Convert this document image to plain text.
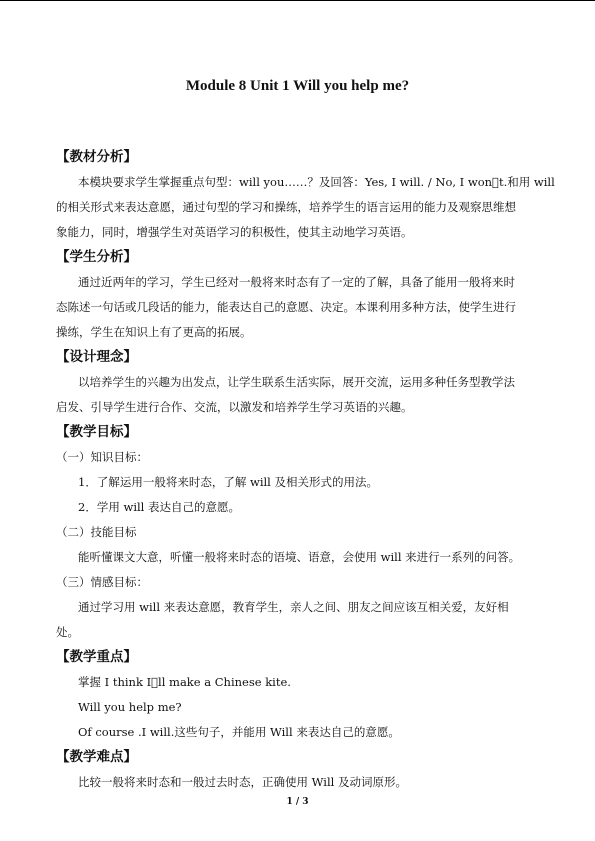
Module 8 Unit 1 Will you help me?
【教材分析】
本模块要求学生掌握重点句型：will you……？及回答：Yes, I will. / No, I won t.和用 will
的相关形式来表达意愿，通过句型的学习和操练，培养学生的语言运用的能力及观察思维想
象能力，同时，增强学生对英语学习的积极性，使其主动地学习英语。
【学生分析】
通过近两年的学习，学生已经对一般将来时态有了一定的了解，具备了能用一般将来时
态陈述一句话或几段话的能力，能表达自己的意愿、决定。本课利用多种方法，使学生进行
操练，学生在知识上有了更高的拓展。
【设计理念】
以培养学生的兴趣为出发点，让学生联系生活实际，展开交流，运用多种任务型教学法
启发、引导学生进行合作、交流，以激发和培养学生学习英语的兴趣。
【教学目标】
（一）知识目标：
1．了解运用一般将来时态，了解 will 及相关形式的用法。
2．学用 will 表达自己的意愿。
（二）技能目标
能听懂课文大意，听懂一般将来时态的语境、语意，会使用 will 来进行一系列的问答。
（三）情感目标：
通过学习用 will 来表达意愿，教育学生，亲人之间、朋友之间应该互相关爱，友好相
处。
【教学重点】
掌握 I think I ll make a Chinese kite.
Will you help me?
Of course .I will.这些句子，并能用 Will 来表达自己的意愿。
【教学难点】
比较一般将来时态和一般过去时态，正确使用 Will 及动词原形。
1 / 3
